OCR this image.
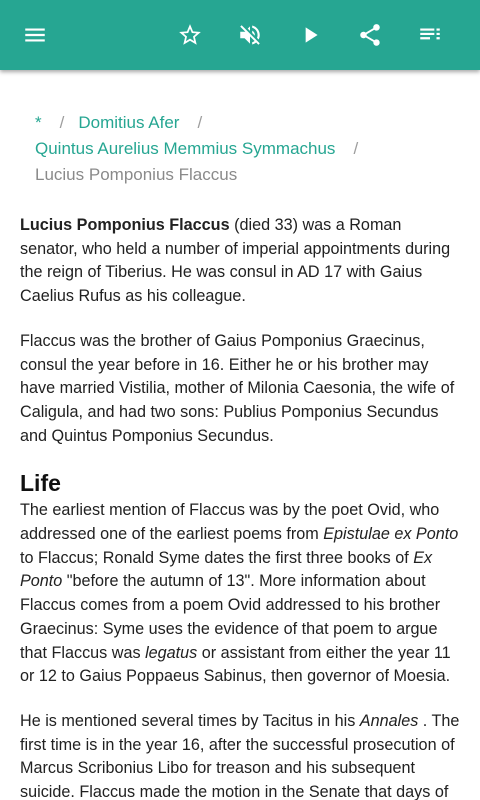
* / Domitius Afer /
Quintus Aurelius Memmius Symmachus /
Lucius Pomponius Flaccus

Lucius Pomponius Flaccus (died 33) was a Roman senator, who held a number of imperial appointments during the reign of Tiberius. He was consul in AD 17 with Gaius Caelius Rufus as his colleague.

Flaccus was the brother of Gaius Pomponius Graecinus, consul the year before in 16. Either he or his brother may have married Vistilia, mother of Milonia Caesonia, the wife of Caligula, and had two sons: Publius Pomponius Secundus and Quintus Pomponius Secundus.

Life

The earliest mention of Flaccus was by the poet Ovid, who addressed one of the earliest poems from Epistulae ex Ponto to Flaccus; Ronald Syme dates the first three books of Ex Ponto "before the autumn of 13". More information about Flaccus comes from a poem Ovid addressed to his brother Graecinus: Syme uses the evidence of that poem to argue that Flaccus was legatus or assistant from either the year 11 or 12 to Gaius Poppaeus Sabinus, then governor of Moesia.

He is mentioned several times by Tacitus in his Annales . The first time is in the year 16, after the successful prosecution of Marcus Scribonius Libo for treason and his subsequent suicide. Flaccus made the motion in the Senate that days of
